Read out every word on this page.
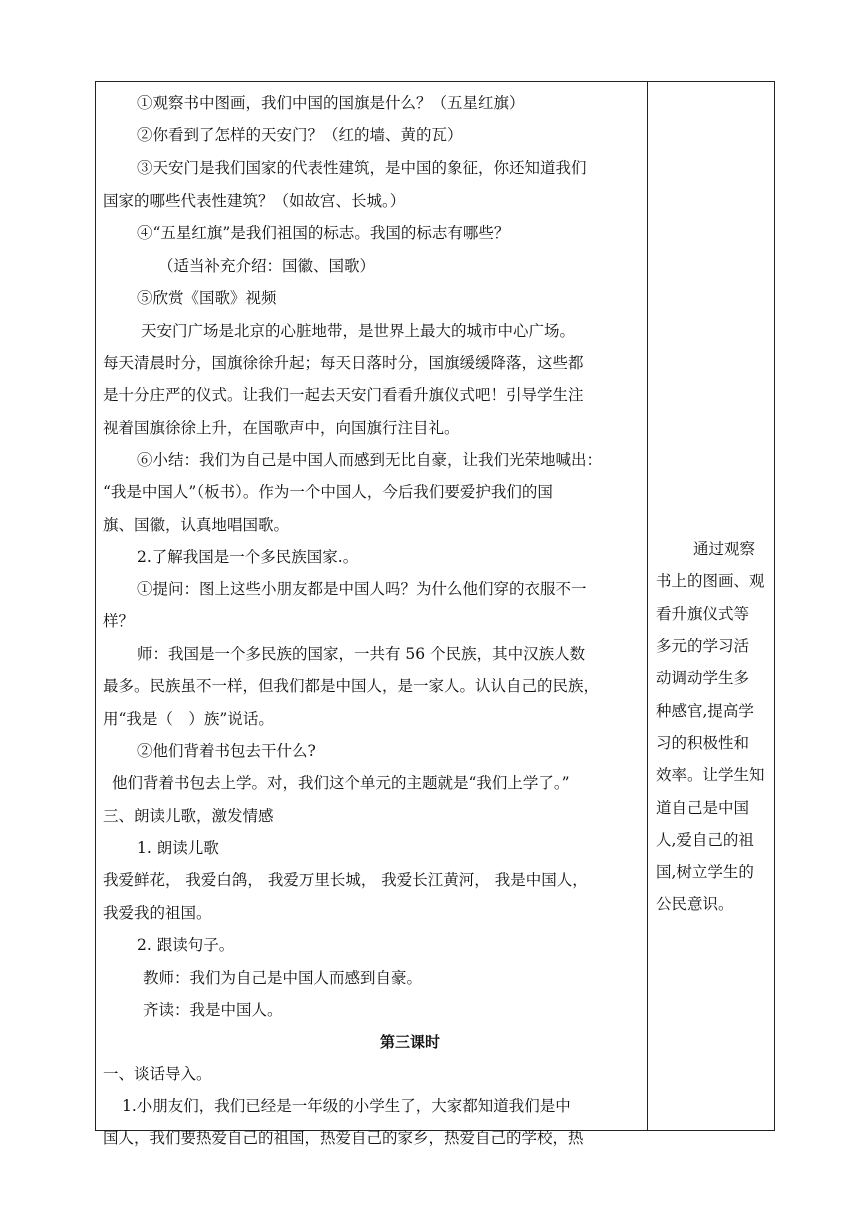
①观察书中图画，我们中国的国旗是什么？（五星红旗）
②你看到了怎样的天安门？（红的墙、黄的瓦）
③天安门是我们国家的代表性建筑，是中国的象征，你还知道我们
国家的哪些代表性建筑？（如故宫、长城。）
④“五星红旗”是我们祖国的标志。我国的标志有哪些？
（适当补充介绍：国徽、国歌）
⑤欣赏《国歌》视频
天安门广场是北京的心脏地带，是世界上最大的城市中心广场。
每天清晨时分，国旗徐徐升起；每天日落时分，国旗缓缓降落，这些都
是十分庄严的仪式。让我们一起去天安门看看升旗仪式吧！引导学生注
视着国旗徐徐上升，在国歌声中，向国旗行注目礼。
⑥小结：我们为自己是中国人而感到无比自豪，让我们光荣地喊出：
“我是中国人”（板书）。作为一个中国人，今后我们要爱护我们的国
旗、国徽，认真地唱国歌。
2.了解我国是一个多民族国家.。
①提问：图上这些小朋友都是中国人吗？为什么他们穿的衣服不一
样？
师：我国是一个多民族的国家，一共有 56 个民族，其中汉族人数
最多。民族虽不一样，但我们都是中国人，是一家人。认认自己的民族，
用“我是（　）族”说话。
②他们背着书包去干什么?
他们背着书包去上学。对，我们这个单元的主题就是“我们上学了。”
三、朗读儿歌，激发情感
1. 朗读儿歌
我爱鲜花， 我爱白鸽， 我爱万里长城， 我爱长江黄河， 我是中国人，
我爱我的祖国。
2. 跟读句子。
教师：我们为自己是中国人而感到自豪。
齐读：我是中国人。
第三课时
一、谈话导入。
1.小朋友们，我们已经是一年级的小学生了，大家都知道我们是中
国人，我们要热爱自己的祖国，热爱自己的家乡，热爱自己的学校，热
通过观察
书上的图画、观
看升旗仪式等
多元的学习活
动调动学生多
种感官,提高学
习的积极性和
效率。让学生知
道自己是中国
人,爱自己的祖
国,树立学生的
公民意识。
